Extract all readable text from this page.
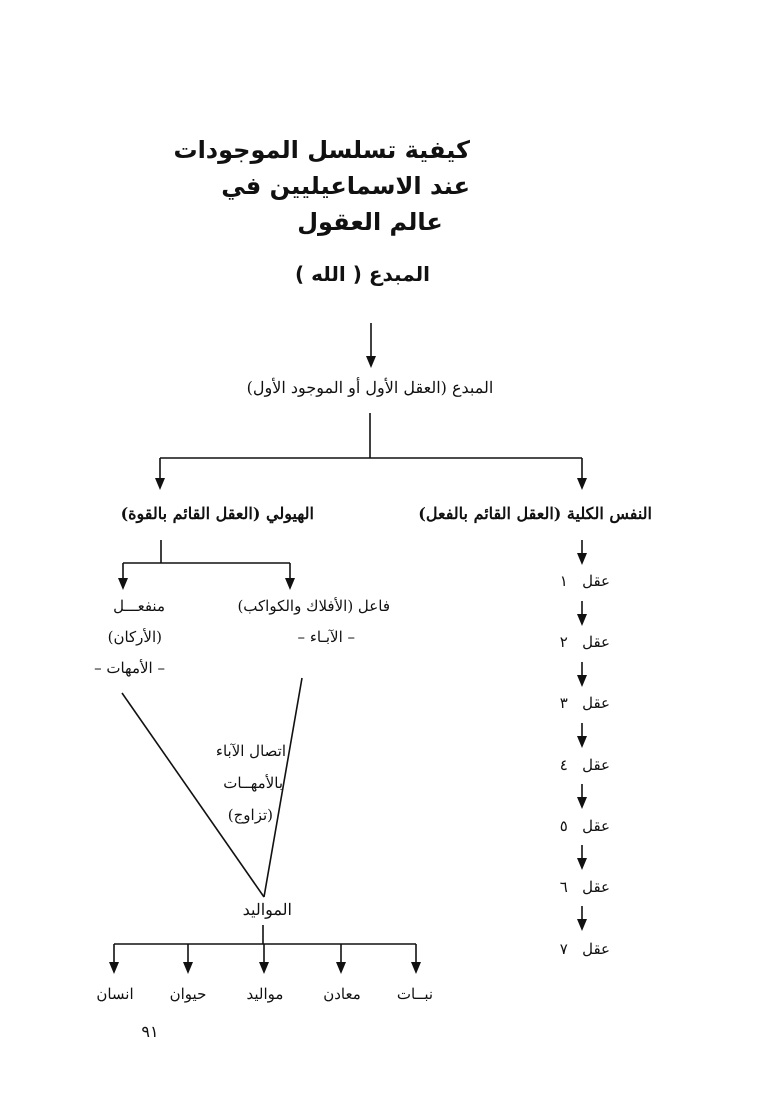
كيفية تسلسل الموجودات
عند الاسماعيليين في
عالم العقول
المبدع ( الله )
المبدع (العقل الأول أو الموجود الأول)
النفس الكلية (العقل القائم بالفعل)
الهيولي (العقل القائم بالقوة)
فاعل (الأفلاك والكواكب)
– الآبـاء –
منفعـــل
(الأركان)
– الأمهات –
اتصال الآباء
بالأمهــات
(تزاوج)
المواليد
عقل   ١
عقل   ٢
عقل   ٣
عقل   ٤
عقل   ٥
عقل   ٦
عقل   ٧
نبــات
معادن
مواليد
حيوان
انسان
٩١
